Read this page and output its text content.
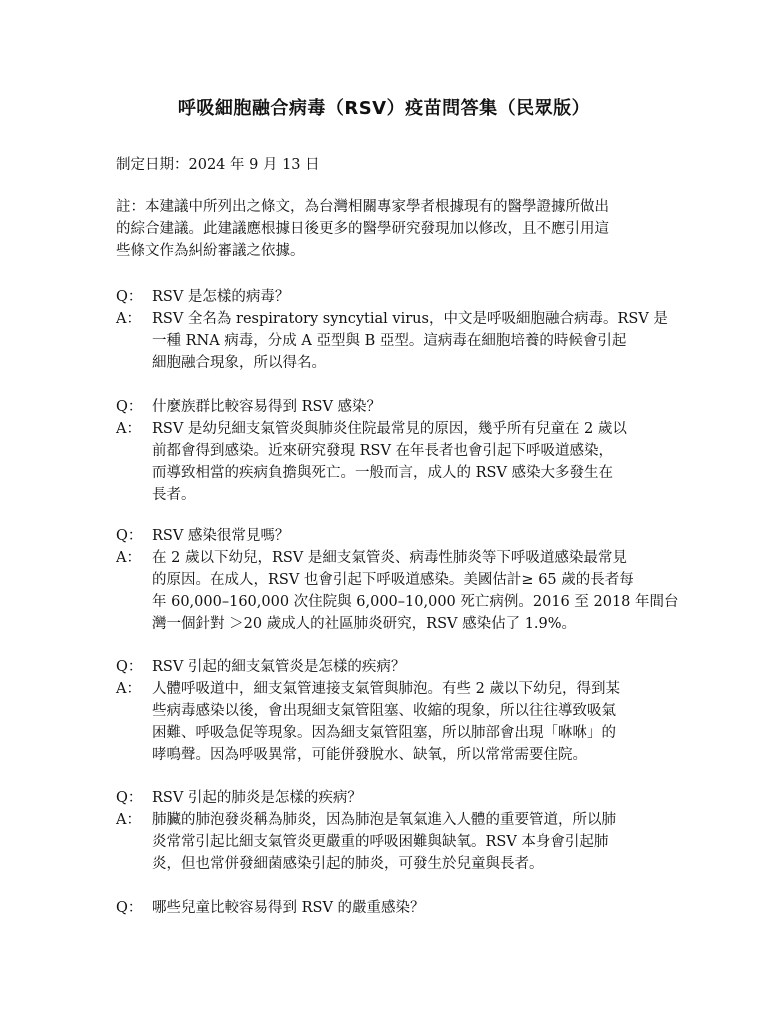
呼吸細胞融合病毒（RSV）疫苗問答集（民眾版）
制定日期：2024 年 9 月 13 日
註：本建議中所列出之條文，為台灣相關專家學者根據現有的醫學證據所做出
的綜合建議。此建議應根據日後更多的醫學研究發現加以修改，且不應引用這
些條文作為糾紛審議之依據。
Q： RSV 是怎樣的病毒？
A： RSV 全名為 respiratory syncytial virus，中文是呼吸細胞融合病毒。RSV 是
一種 RNA 病毒，分成 A 亞型與 B 亞型。這病毒在細胞培養的時候會引起
細胞融合現象，所以得名。
Q： 什麼族群比較容易得到 RSV 感染？
A： RSV 是幼兒細支氣管炎與肺炎住院最常見的原因，幾乎所有兒童在 2 歲以
前都會得到感染。近來研究發現 RSV 在年長者也會引起下呼吸道感染，
而導致相當的疾病負擔與死亡。一般而言，成人的 RSV 感染大多發生在
長者。
Q： RSV 感染很常見嗎？
A： 在 2 歲以下幼兒，RSV 是細支氣管炎、病毒性肺炎等下呼吸道感染最常見
的原因。在成人，RSV 也會引起下呼吸道感染。美國估計≥ 65 歲的長者每
年 60,000–160,000 次住院與 6,000–10,000 死亡病例。2016 至 2018 年間台
灣一個針對 ＞20 歲成人的社區肺炎研究，RSV 感染佔了 1.9%。
Q： RSV 引起的細支氣管炎是怎樣的疾病？
A： 人體呼吸道中，細支氣管連接支氣管與肺泡。有些 2 歲以下幼兒，得到某
些病毒感染以後，會出現細支氣管阻塞、收縮的現象，所以往往導致吸氣
困難、呼吸急促等現象。因為細支氣管阻塞，所以肺部會出現「咻咻」的
哮鳴聲。因為呼吸異常，可能併發脫水、缺氧，所以常常需要住院。
Q： RSV 引起的肺炎是怎樣的疾病？
A： 肺臟的肺泡發炎稱為肺炎，因為肺泡是氧氣進入人體的重要管道，所以肺
炎常常引起比細支氣管炎更嚴重的呼吸困難與缺氧。RSV 本身會引起肺
炎，但也常併發細菌感染引起的肺炎，可發生於兒童與長者。
Q： 哪些兒童比較容易得到 RSV 的嚴重感染？
